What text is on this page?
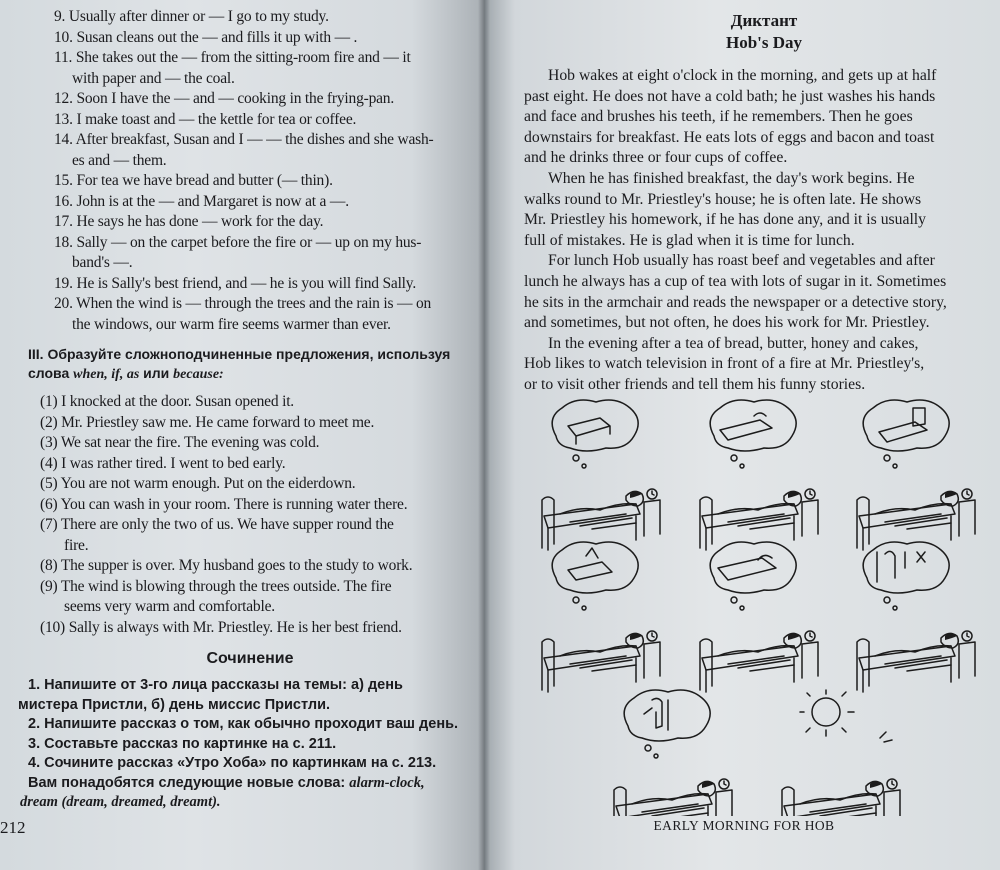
9. Usually after dinner or — I go to my study.
10. Susan cleans out the — and fills it up with — .
11. She takes out the — from the sitting-room fire and — it
with paper and — the coal.
12. Soon I have the — and — cooking in the frying-pan.
13. I make toast and — the kettle for tea or coffee.
14. After breakfast, Susan and I — — the dishes and she wash-
es and — them.
15. For tea we have bread and butter (— thin).
16. John is at the — and Margaret is now at a —.
17. He says he has done — work for the day.
18. Sally — on the carpet before the fire or — up on my hus-
band's —.
19. He is Sally's best friend, and — he is you will find Sally.
20. When the wind is — through the trees and the rain is — on
the windows, our warm fire seems warmer than ever.
III. Образуйте сложноподчиненные предложения, используя
слова when, if, as или because:
(1) I knocked at the door. Susan opened it.
(2) Mr. Priestley saw me. He came forward to meet me.
(3) We sat near the fire. The evening was cold.
(4) I was rather tired. I went to bed early.
(5) You are not warm enough. Put on the eiderdown.
(6) You can wash in your room. There is running water there.
(7) There are only the two of us. We have supper round the
fire.
(8) The supper is over. My husband goes to the study to work.
(9) The wind is blowing through the trees outside. The fire
seems very warm and comfortable.
(10) Sally is always with Mr. Priestley. He is her best friend.
Сочинение
1. Напишите от 3-го лица рассказы на темы: а) день
мистера Пристли, б) день миссис Пристли.
2. Напишите рассказ о том, как обычно проходит ваш день.
3. Составьте рассказ по картинке на с. 211.
4. Сочините рассказ «Утро Хоба» по картинкам на с. 213.
Вам понадобятся следующие новые слова: alarm-clock,
dream (dream, dreamed, dreamt).
212
Диктант
Hob's Day
Hob wakes at eight o'clock in the morning, and gets up at half
past eight. He does not have a cold bath; he just washes his hands
and face and brushes his teeth, if he remembers. Then he goes
downstairs for breakfast. He eats lots of eggs and bacon and toast
and he drinks three or four cups of coffee.
When he has finished breakfast, the day's work begins. He
walks round to Mr. Priestley's house; he is often late. He shows
Mr. Priestley his homework, if he has done any, and it is usually
full of mistakes. He is glad when it is time for lunch.
For lunch Hob usually has roast beef and vegetables and after
lunch he always has a cup of tea with lots of sugar in it. Sometimes
he sits in the armchair and reads the newspaper or a detective story,
and sometimes, but not often, he does his work for Mr. Priestley.
In the evening after a tea of bread, butter, honey and cakes,
Hob likes to watch television in front of a fire at Mr. Priestley's,
or to visit other friends and tell them his funny stories.
EARLY MORNING FOR HOB
